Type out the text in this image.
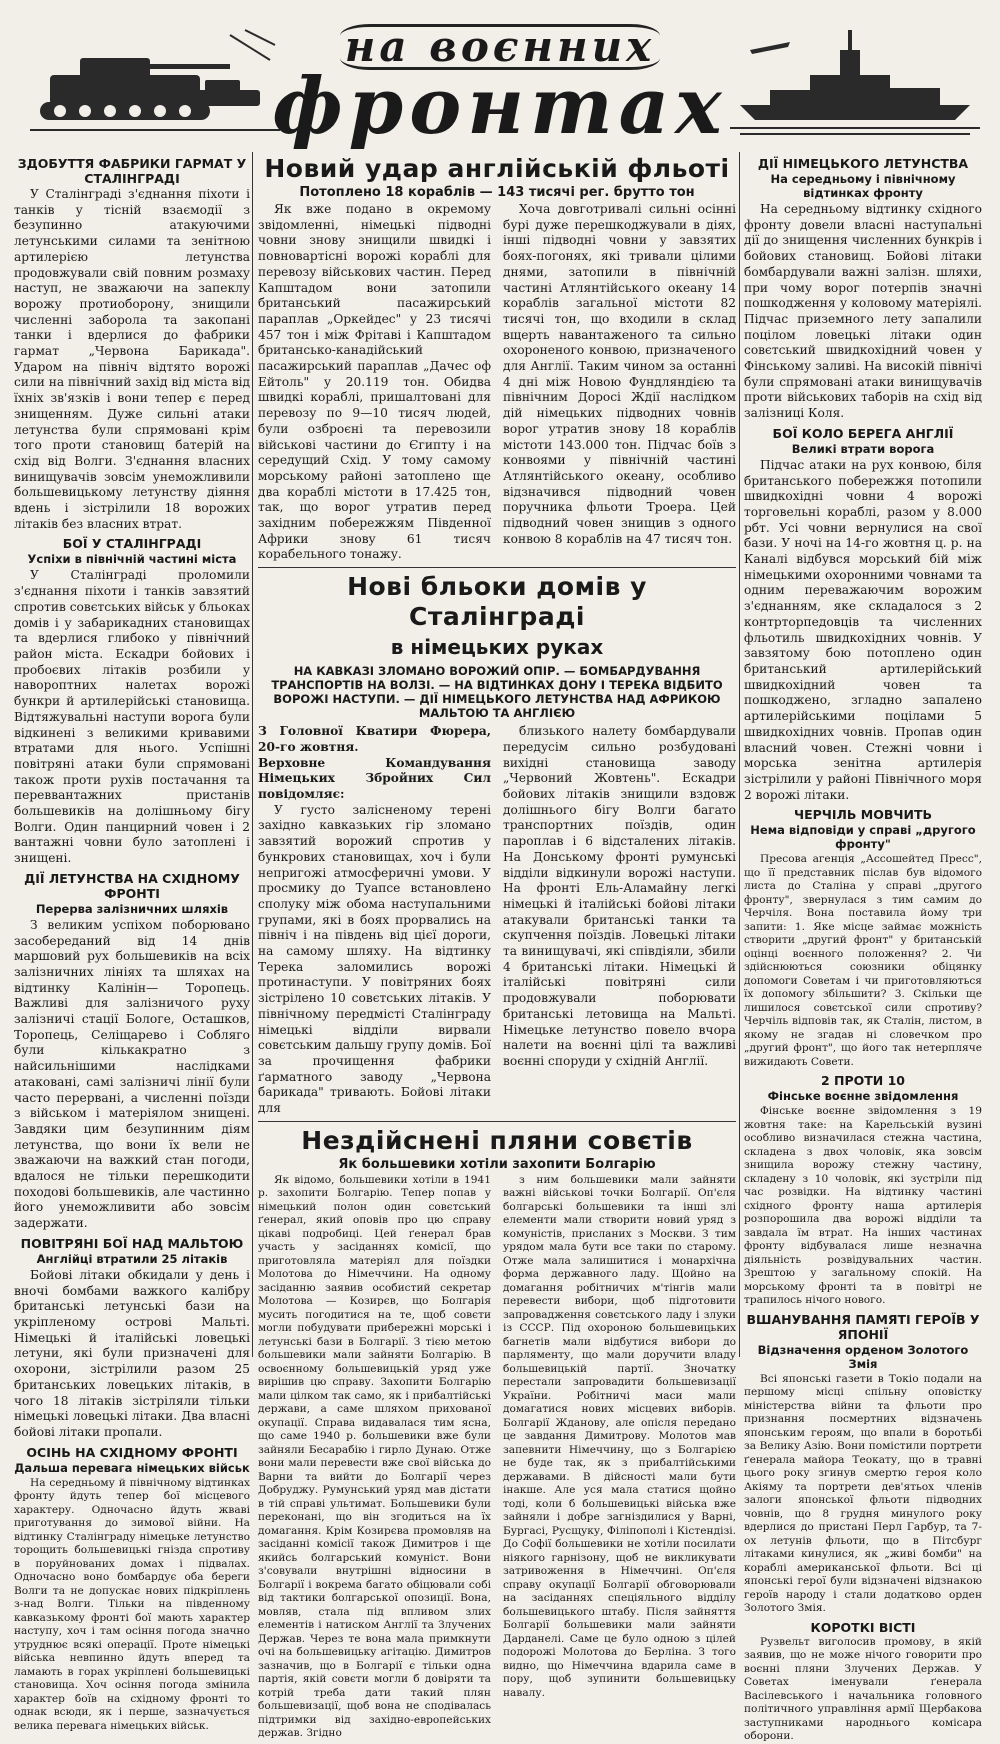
на воєнних
фронтах
ЗДОБУТТЯ ФАБРИКИ ГАРМАТ У СТАЛІНГРАДІ

У Сталінграді з'єднання піхоти і танків у тісній взаємодії з безупинно атакуючими летунськими силами та зенітною артилерією летунства продовжували свій повним розмаху наступ, не зважаючи на запеклу ворожу протиоборону, знищили численні заборола та закопані танки і вдерлися до фабрики гармат „Червона Барикада". Ударом на північ відтято ворожі сили на північний захід від міста від їхніх зв'язків і вони тепер є перед знищенням. Дуже сильні атаки летунства були спрямовані крім того проти становищ батерій на схід від Волги. З'єднання власних винищувачів зовсім унеможливили большевицькому летунству діяння вдень і зістрілили 18 ворожих літаків без власних втрат.

БОЇ У СТАЛІНГРАДІ
Успіхи в північній частині міста

У Сталінграді проломили з'єднання піхоти і танків завзятий спротив совєтських військ у бльоках домів і у забарикадних становищах та вдерлися глибоко у північний район міста. Ескадри бойових і пробоєвих літаків розбили у навороптних налетах ворожі бункри й артилерійські становища. Відтяжувальні наступи ворога були відкинені з великими кривавими втратами для нього. Успішні повітряні атаки були спрямовані також проти рухів постачання та переввантажних пристанів большевиків на долішньому бігу Волги. Один панцирний човен і 2 вантажні човни було затоплені і знищені.

ДІЇ ЛЕТУНСТВА НА СХІДНОМУ ФРОНТІ
Перерва залізничних шляхів

З великим успіхом поборювано засобереданий від 14 днів маршовий рух большевиків на всіх залізничних лініях та шляхах на відтинку Калінін— Торопець. Важливі для залізничого руху залізничі стації Бологе, Осташков, Торопець, Селіщарево і Собляго були кількакратно з найсильнішими наслідками атаковані, самі залізничі лінії були часто перервані, а численні поїзди з військом і матеріялом знищені. Завдяки цим безупинним діям летунства, що вони їх вели не зважаючи на важкий стан погоди, вдалося не тільки перешкодити походові большевиків, але частинно його унеможливити або зовсім задержати.

ПОВІТРЯНІ БОЇ НАД МАЛЬТОЮ
Англійці втратили 25 літаків

Бойові літаки обкидали у день і вночі бомбами важкого калібру британські летунські бази на укріпленому острові Мальті. Німецькі й італійські ловецькі летуни, які були призначені для охорони, зістрілили разом 25 британських ловецьких літаків, в чого 18 літаків зістріляли тільки німецькі ловецькі літаки. Два власні бойові літаки пропали.

ОСІНЬ НА СХІДНОМУ ФРОНТІ
Дальша перевага німецьких військ

На середньому й північному відтинках фронту йдуть тепер бої місцевого характеру. Одночасно йдуть жваві приготування до зимової війни. На відтинку Сталінграду німецьке летунство торощить большевицькі гнізда спротиву в поруйнованих домах і підвалах. Одночасно воно бомбардує оба береги Волги та не допускає нових підкріплень з-над Волги. Тільки на південному кавказькому фронті бої мають характер наступу, хоч і там осіння погода значно утруднює всякі операції. Проте німецькі війська невпинно йдуть вперед та ламають в горах укріплені большевицькі становища. Хоч осіння погода змінила характер боїв на східному фронті то однак всюди, як і перше, зазначується велика перевага німецьких військ.

Новий удар англійській фльоті
Потоплено 18 кораблів — 143 тисячі рег. брутто тон

Як вже подано в окремому звідомленні, німецькі підводні човни знову знищили швидкі і повновартісні ворожі кораблі для перевозу військових частин. Перед Капштадом вони затопили британський пасажирський параплав „Оркейдес" у 23 тисячі 457 тон і між Фрітаві і Капштадом британсько-канадійський пасажирський параплав „Дачес оф Ейтоль" у 20.119 тон. Обидва швидкі кораблі, пришалтовані для перевозу по 9—10 тисяч людей, були озброєні та перевозили військові частини до Єгипту і на середущий Схід. У тому самому морському районі затоплено ще два кораблі містоти в 17.425 тон, так, що ворог утратив перед західним побережжям Південної Африки знову 61 тисяч корабельного тонажу.

Хоча довготривалі сильні осінні бурі дуже перешкоджували в діях, інші підводні човни у завзятих боях-погонях, які тривали цілими днями, затопили в північній частині Атлянтійського океану 14 кораблів загальної містоти 82 тисячі тон, що входили в склад вщерть навантаженого та сильно охороненого конвою, призначеного для Англії. Таким чином за останні 4 дні між Новою Фундляндією та північним Доросі Ждії наслідком дій німецьких підводних човнів ворог утратив знову 18 кораблів містоти 143.000 тон. Підчас боїв з конвоями у північній частині Атлянтійського океану, особливо відзначився підводний човен поручника фльоти Троера. Цей підводний човен знищив з одного конвою 8 кораблів на 47 тисяч тон.

Нові бльоки домів у Сталінграді
в німецьких руках
НА КАВКАЗІ ЗЛОМАНО ВОРОЖИЙ ОПІР. — БОМБАРДУВАННЯ ТРАНСПОРТІВ НА ВОЛЗІ. — НА ВІДТИНКАХ ДОНУ І ТЕРЕКА ВІДБИТО ВОРОЖІ НАСТУПИ. — ДІЇ НІМЕЦЬКОГО ЛЕТУНСТВА НАД АФРИКОЮ МАЛЬТОЮ ТА АНГЛІЄЮ

З Головної Кватири Фюрера, 20-го жовтня.

Верховне Командування Німецьких Збройних Сил повідомляє:

У густо залісненому терені західно кавказьких гір зломано завзятий ворожий спротив у бункрових становищах, хоч і були непригожі атмосферичні умови. У просмику до Туапсе встановлено сполуку між обома наступальними групами, які в боях прорвались на північ і на південь від цієї дороги, на самому шляху. На відтинку Терека заломились ворожі протинаступи. У повітряних боях зістрілено 10 совєтських літаків. У північному передмісті Сталінграду німецькі відділи вирвали совєтським дальшу групу домів. Бої за прочищення фабрики ґарматного заводу „Червона барикада" тривають. Бойові літаки для

близького налету бомбардували передусім сильно розбудовані вихідні становища заводу „Червоний Жовтень". Ескадри бойових літаків знищили вздовж долішнього бігу Волги багато транспортних поїздів, один пароплав і 6 відсталених літаків. На Донському фронті румунські відділи відкинули ворожі наступи. На фронті Ель-Аламайну легкі німецькі й італійські бойові літаки атакували британські танки та скупчення поїздів. Ловецькі літаки та винищувачі, які співдіяли, збили 4 британські літаки. Німецькі й італійські повітряні сили продовжували поборювати британські летовища на Мальті. Німецьке летунство повело вчора налети на воєнні цілі та важливі воєнні споруди у східній Англії.

Нездійснені пляни совєтів
Як большевики хотіли захопити Болгарію

Як відомо, большевики хотіли в 1941 р. захопити Болгарію. Тепер попав у німецький полон один совєтський ґенерал, який оповів про цю справу цікаві подробиці. Цей ґенерал брав участь у засіданнях комісії, що приготовляла матеріял для поїздки Молотова до Німеччини. На одному засіданню заявив особистий секретар Молотова — Козирєв, що Болгарія мусить погодитися на те, щоб совєти могли побудувати прибережні морські і летунські бази в Болгарії. З тією метою большевики мали зайняти Болгарію. В освоєнному большевицькій уряд уже вирішив цю справу. Захопити Болгарію мали цілком так само, як і прибалтійські держави, а саме шляхом прихованої окупації. Справа видавалася тим ясна, що саме 1940 р. большевики вже були зайняли Бесарабію і гирло Дунаю. Отже вони мали перевести вже свої війська до Варни та вийти до Болгарії через Добруджу. Румунський уряд мав дістати в тій справі ультимат. Большевики були переконані, що він згодиться на їх домагання. Крім Козирєва промовляв на засіданні комісії також Димитров і ще якийсь болгарський комуніст. Вони з'совували внутрішні відносини в Болгарії і вокрема багато обіцювали собі від тактики болгарської опозиції. Вона, мовляв, стала під впливом злих елементів і натиском Англії та Злучених Держав. Через те вона мала примкнути очі на большевицьку агітацію. Димитров зазначив, що в Болгарії є тільки одна партія, якій совєти могли б довіряти та котрій треба дати такий плян большевизації, щоб вона не сподівалась підтримки від західно-европейських держав. Згідно

з ним большевики мали зайняти важні військові точки Болгарії. Оп'єля болгарські большевики та інші злі елементи мали створити новий уряд з комуністів, присланих з Москви. З тим урядом мала бути все таки по старому. Отже мала залишитися і монархічна форма державного ладу. Щойно на домагання робітничих м'тінгів мали перевести вибори, щоб підготовити запровадження совєтського ладу і злуки із СССР. Під охороною большевицьких багнетів мали відбутися вибори до парляменту, що мали доручити владу большевицькій партії. Зночатку перестали запровадити большевизації України. Робітничі маси мали домагатися нових місцевих виборів. Болгарії Жданову, але опісля передано це завдання Димитрову. Молотов мав запевнити Німеччину, що з Болгарією не буде так, як з прибалтійськими державами. В дійсності мали бути інакше. Але уся мала статися щойно тоді, коли б большевицькі війська вже зайняли і добре загніздилися у Варні, Бургасі, Русщуку, Філіпополі і Кістендізі. До Софії большевики не хотіли посилати ніякого гарнізону, щоб не викликувати затривоження в Німеччині. Оп'єля справу окупації Болгарії обговорювали на засіданнях спеціяльного відділу большевицького штабу. Після зайняття Болгарії большевики мали зайняти Дарданелі. Саме це було одною з цілей подорожі Молотова до Берліна. З того видно, що Німеччина вдарила саме в пору, щоб зупинити большевицьку навалу.

ДІЇ НІМЕЦЬКОГО ЛЕТУНСТВА
На середньому і північному відтинках фронту

На середньому відтинку східного фронту довели власні наступальні дії до знищення численних бункрів і бойових становищ. Бойові літаки бомбардували важні залізн. шляхи, при чому ворог потерпів значні пошкодження у коловому матеріялі. Підчас приземного лету запалили поцілом ловецькі літаки один совєтський швидкохідний човен у Фінському заливі. На високій північі були спрямовані атаки винищувачів проти військових таборів на схід від залізниці Коля.

БОЇ КОЛО БЕРЕГА АНГЛІЇ
Великі втрати ворога

Підчас атаки на рух конвою, біля британського побережжя потопили швидкохідні човни 4 ворожі торговельні кораблі, разом у 8.000 рбт. Усі човни вернулися на свої бази. У ночі на 14-го жовтня ц. р. на Каналі відбувся морський бій між німецькими охоронними човнами та одним переважаючим ворожим з'єднанням, яке складалося з 2 контрторпедовців та численних фльотиль швидкохідних човнів. У завзятому бою потоплено один британський артилерійський швидкохідний човен та пошкоджено, згладно запалено артилерійськими поцілами 5 швидкохідних човнів. Пропав один власний човен. Стежні човни і морська зенітна артилерія зістрілили у районі Північного моря 2 ворожі літаки.

ЧЕРЧІЛЬ МОВЧИТЬ
Нема відповіди у справі „другого фронту"

Пресова агенція „Ассошейтед Пресс", що її представник післав був відомого листа до Сталіна у справі „другого фронту", звернулася з тим самим до Черчіля. Вона поставила йому три запити: 1. Яке місце займає можність створити „другий фронт" у британській оцінці воєнного положення? 2. Чи здійснюються союзники обіцянку допомоги Советам і чи приготовляються їх допомогу збільшити? 3. Скільки ще лишилося совєтської сили спротиву? Черчіль відповів так, як Сталін, листом, в якому не згадав ні словечком про „другий фронт", що його так нетерпляче вижидають Совети.

2 ПРОТИ 10
Фінське воєнне звідомлення

Фінське воєнне звідомлення з 19 жовтня таке: на Карельській вузині особливо визначилася стежна частина, складена з двох чоловік, яка зовсім знищила ворожу стежну частину, складену з 10 чоловік, які зустріли під час розвідки. На відтинку частині східного фронту наша артилерія розпорошила два ворожі відділи та завдала їм втрат. На інших частинах фронту відбувалася лише незначна діяльність розвідувальних частин. Зрештою у загальному спокій. На морському фронті та в повітрі не трапилось нічого нового.

ВШАНУВАННЯ ПАМЯТІ ГЕРОЇВ У ЯПОНІЇ
Відзначення орденом Золотого Змія

Всі японські газети в Токіо подали на першому місці спільну оповістку міністерства війни та фльоти про признання посмертних відзначень японським героям, що впали в боротьбі за Велику Азію. Вони помістили портрети ґенерала майора Теокату, що в травні цього року згинув смертю героя коло Акіяму та портрети дев'ятьох членів залоги японської фльоти підводних човнів, що 8 грудня минулого року вдерлися до пристані Перл Гарбур, та 7-ох летунів фльоти, що в Пітсбург літаками кинулися, як „живі бомби" на кораблі американської фльоти. Всі ці японські герої були відзначені відзнакою героїв народу і стали додатково орден Золотого Змія.

КОРОТКІ ВІСТІ

Рузвельт виголосив промову, в якій заявив, що не може нічого говорити про воєнні пляни Злучених Держав. У Советах іменували ґенерала Васілевського і начальника головного політичного управління армії Щербакова заступниками народнього комісара оборони.
